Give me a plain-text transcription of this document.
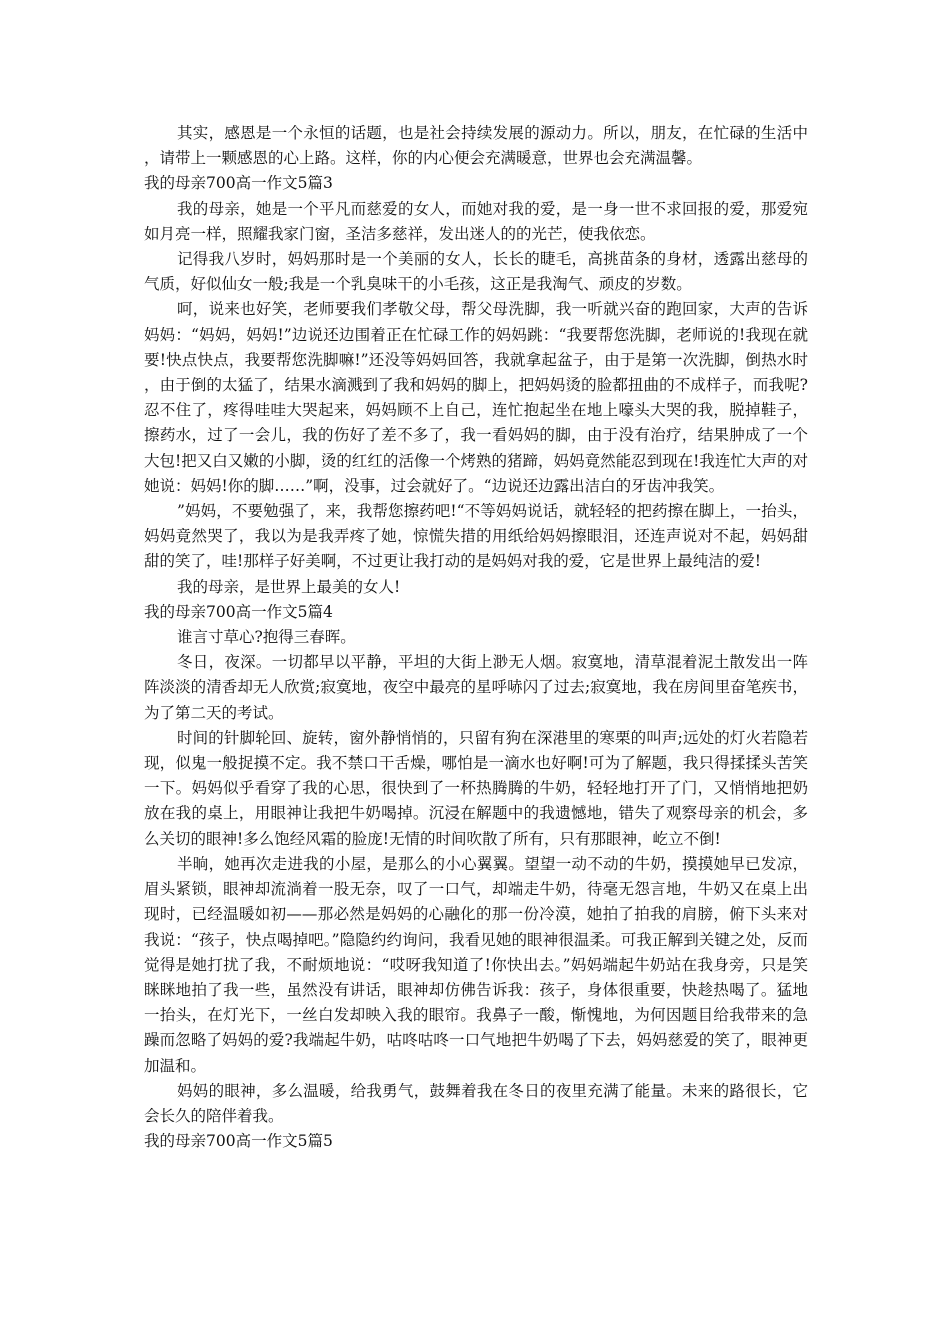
其实，感恩是一个永恒的话题，也是社会持续发展的源动力。所以，朋友，在忙碌的生活中，请带上一颗感恩的心上路。这样，你的内心便会充满暖意，世界也会充满温馨。

我的母亲700高一作文5篇3

我的母亲，她是一个平凡而慈爱的女人，而她对我的爱，是一身一世不求回报的爱，那爱宛如月亮一样，照耀我家门窗，圣洁多慈祥，发出迷人的的光芒，使我依恋。

记得我八岁时，妈妈那时是一个美丽的女人，长长的睫毛，高挑苗条的身材，透露出慈母的气质，好似仙女一般;我是一个乳臭味干的小毛孩，这正是我淘气、顽皮的岁数。

呵，说来也好笑，老师要我们孝敬父母，帮父母洗脚，我一听就兴奋的跑回家，大声的告诉妈妈：“妈妈，妈妈!”边说还边围着正在忙碌工作的妈妈跳：“我要帮您洗脚，老师说的!我现在就要!快点快点，我要帮您洗脚嘛!”还没等妈妈回答，我就拿起盆子，由于是第一次洗脚，倒热水时，由于倒的太猛了，结果水滴溅到了我和妈妈的脚上，把妈妈烫的脸都扭曲的不成样子，而我呢?忍不住了，疼得哇哇大哭起来，妈妈顾不上自己，连忙抱起坐在地上嚎头大哭的我，脱掉鞋子，擦药水，过了一会儿，我的伤好了差不多了，我一看妈妈的脚，由于没有治疗，结果肿成了一个大包!把又白又嫩的小脚，烫的红红的活像一个烤熟的猪蹄，妈妈竟然能忍到现在!我连忙大声的对她说：妈妈!你的脚……”啊，没事，过会就好了。“边说还边露出洁白的牙齿冲我笑。

”妈妈，不要勉强了，来，我帮您擦药吧!“不等妈妈说话，就轻轻的把药擦在脚上，一抬头，妈妈竟然哭了，我以为是我弄疼了她，惊慌失措的用纸给妈妈擦眼泪，还连声说对不起，妈妈甜甜的笑了，哇!那样子好美啊，不过更让我打动的是妈妈对我的爱，它是世界上最纯洁的爱!

我的母亲，是世界上最美的女人!

我的母亲700高一作文5篇4

谁言寸草心?抱得三春晖。

冬日，夜深。一切都早以平静，平坦的大街上渺无人烟。寂寞地，清草混着泥土散发出一阵阵淡淡的清香却无人欣赏;寂寞地，夜空中最亮的星呼哧闪了过去;寂寞地，我在房间里奋笔疾书，为了第二天的考试。

时间的针脚轮回、旋转，窗外静悄悄的，只留有狗在深港里的寒栗的叫声;远处的灯火若隐若现，似鬼一般捉摸不定。我不禁口干舌燥，哪怕是一滴水也好啊!可为了解题，我只得揉揉头苦笑一下。妈妈似乎看穿了我的心思，很快到了一杯热腾腾的牛奶，轻轻地打开了门，又悄悄地把奶放在我的桌上，用眼神让我把牛奶喝掉。沉浸在解题中的我遗憾地，错失了观察母亲的机会，多么关切的眼神!多么饱经风霜的脸庞!无情的时间吹散了所有，只有那眼神，屹立不倒!

半晌，她再次走进我的小屋，是那么的小心翼翼。望望一动不动的牛奶，摸摸她早已发凉，眉头紧锁，眼神却流淌着一股无奈，叹了一口气，却端走牛奶，待毫无怨言地，牛奶又在桌上出现时，已经温暖如初——那必然是妈妈的心融化的那一份冷漠，她拍了拍我的肩膀，俯下头来对我说：“孩子，快点喝掉吧。”隐隐约约询问，我看见她的眼神很温柔。可我正解到关键之处，反而觉得是她打扰了我，不耐烦地说：“哎呀我知道了!你快出去。”妈妈端起牛奶站在我身旁，只是笑眯眯地拍了我一些，虽然没有讲话，眼神却仿佛告诉我：孩子，身体很重要，快趁热喝了。猛地一抬头，在灯光下，一丝白发却映入我的眼帘。我鼻子一酸，惭愧地，为何因题目给我带来的急躁而忽略了妈妈的爱?我端起牛奶，咕咚咕咚一口气地把牛奶喝了下去，妈妈慈爱的笑了，眼神更加温和。

妈妈的眼神，多么温暖，给我勇气，鼓舞着我在冬日的夜里充满了能量。未来的路很长，它会长久的陪伴着我。

我的母亲700高一作文5篇5
